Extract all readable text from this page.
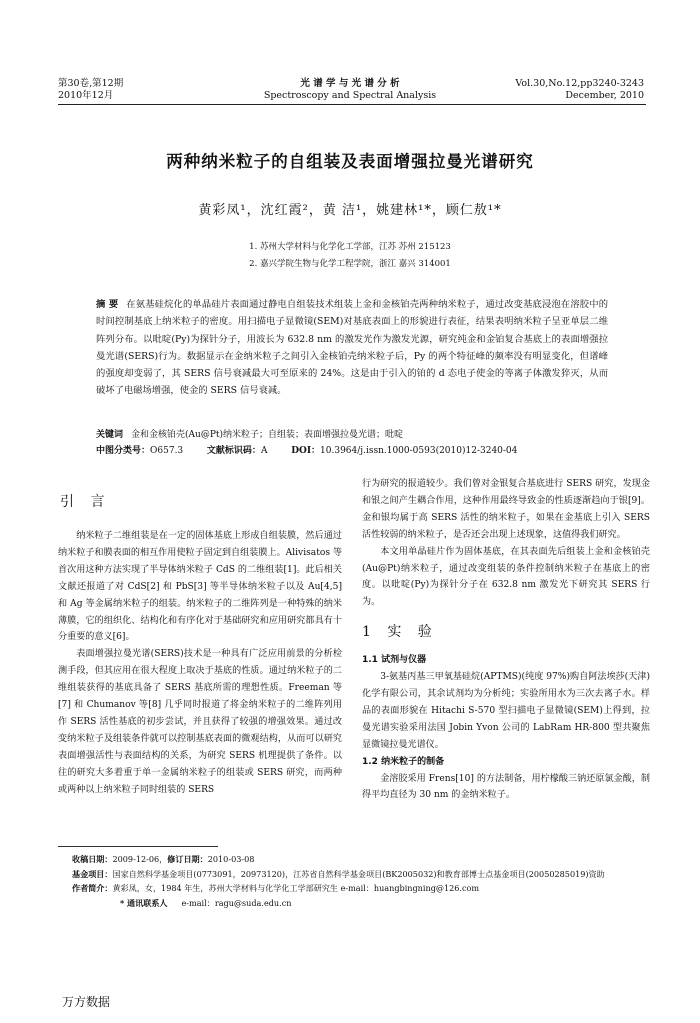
第30卷,第12期
2010年12月
光 谱 学 与 光 谱 分 析
Spectroscopy and Spectral Analysis
Vol.30,No.12,pp3240-3243
December, 2010
两种纳米粒子的自组装及表面增强拉曼光谱研究
黄彩凤¹，沈红霞²，黄 洁¹，姚建林¹*，顾仁敖¹*
1. 苏州大学材料与化学化工学部，江苏 苏州 215123
2. 嘉兴学院生物与化学工程学院，浙江 嘉兴 314001
摘 要 在氨基硅烷化的单晶硅片表面通过静电自组装技术组装上金和金核铂壳两种纳米粒子，通过改变基底浸泡在溶胶中的时间控制基底上纳米粒子的密度。用扫描电子显微镜(SEM)对基底表面上的形貌进行表征，结果表明纳米粒子呈亚单层二维阵列分布。以吡啶(Py)为探针分子，用波长为 632.8 nm 的激发光作为激发光源，研究纯金和金铂复合基底上的表面增强拉曼光谱(SERS)行为。数据显示在金纳米粒子之间引入金核铂壳纳米粒子后，Py 的两个特征峰的频率没有明显变化，但谱峰的强度却变弱了，其 SERS 信号衰减最大可至原来的 24%。这是由于引入的铂的 d 态电子使金的等离子体激发猝灭，从而破坏了电磁场增强，使金的 SERS 信号衰减。
关键词 金和金核铂壳(Au@Pt)纳米粒子；自组装；表面增强拉曼光谱；吡啶
中图分类号：O657.3	文献标识码：A	DOI：10.3964/j.issn.1000-0593(2010)12-3240-04
引 言
纳米粒子二维组装是在一定的固体基底上形成自组装膜，然后通过纳米粒子和膜表面的相互作用使粒子固定到自组装膜上。Alivisatos 等首次用这种方法实现了半导体纳米粒子 CdS 的二维组装[1]。此后相关文献还报道了对 CdS[2] 和 PbS[3] 等半导体纳米粒子以及 Au[4,5] 和 Ag 等金属纳米粒子的组装。纳米粒子的二维阵列是一种特殊的纳米薄膜，它的组织化、结构化和有序化对于基础研究和应用研究都具有十分重要的意义[6]。
表面增强拉曼光谱(SERS)技术是一种具有广泛应用前景的分析检测手段，但其应用在很大程度上取决于基底的性质。通过纳米粒子的二维组装获得的基底具备了 SERS 基底所需的理想性质。Freeman 等[7] 和 Chumanov 等[8] 几乎同时报道了将金纳米粒子的二维阵列用作 SERS 活性基底的初步尝试，并且获得了较强的增强效果。通过改变纳米粒子及组装条件就可以控制基底表面的微观结构，从而可以研究表面增强活性与表面结构的关系，为研究 SERS 机理提供了条件。以往的研究大多着重于单一金属纳米粒子的组装或 SERS 研究，而两种或两种以上纳米粒子同时组装的 SERS
行为研究的报道较少。我们曾对金银复合基底进行 SERS 研究，发现金和银之间产生耦合作用，这种作用最终导致金的性质逐渐趋向于银[9]。金和银均属于高 SERS 活性的纳米粒子，如果在金基底上引入 SERS 活性较弱的纳米粒子，是否还会出现上述现象，这值得我们研究。
本文用单晶硅片作为固体基底，在其表面先后组装上金和金核铂壳(Au@Pt)纳米粒子，通过改变组装的条件控制纳米粒子在基底上的密度。以吡啶(Py)为探针分子在 632.8 nm 激发光下研究其 SERS 行为。
1 实 验
1.1 试剂与仪器
3-氨基丙基三甲氧基硅烷(APTMS)(纯度 97%)购自阿法埃莎(天津)化学有限公司，其余试剂均为分析纯；实验所用水为三次去离子水。样品的表面形貌在 Hitachi S-570 型扫描电子显微镜(SEM)上得到，拉曼光谱实验采用法国 Jobin Yvon 公司的 LabRam HR-800 型共聚焦显微镜拉曼光谱仪。
1.2 纳米粒子的制备
金溶胶采用 Frens[10] 的方法制备，用柠檬酸三钠还原氯金酸，制得平均直径为 30 nm 的金纳米粒子。
收稿日期：2009-12-06，修订日期：2010-03-08
基金项目：国家自然科学基金项目(0773091，20973120)，江苏省自然科学基金项目(BK2005032)和教育部博士点基金项目(20050285019)资助
作者简介：黄彩凤，女，1984 年生，苏州大学材料与化学化工学部研究生 e-mail：huangbingning@126.com
* 通讯联系人 e-mail：ragu@suda.edu.cn
万方数据
